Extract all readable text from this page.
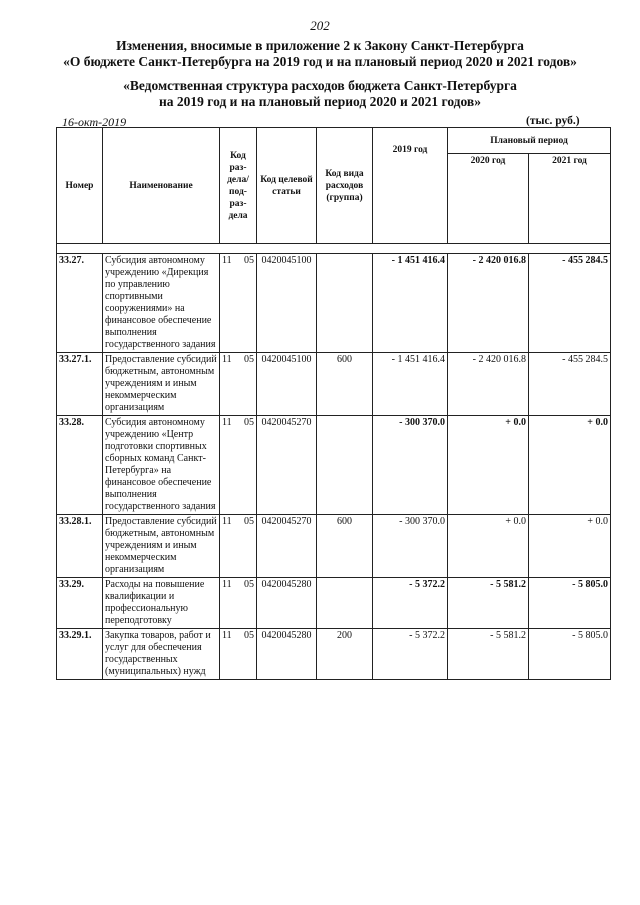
202
Изменения, вносимые в приложение 2 к Закону Санкт-Петербурга
«О бюджете Санкт-Петербурга на 2019 год и на плановый период 2020 и 2021 годов»
«Ведомственная структура расходов бюджета Санкт-Петербурга
на 2019 год и на плановый период 2020 и 2021 годов»
16-окт-2019	(тыс. руб.)
Номер	Наименование	Код раз-дела/ под-раз-дела		Код целевой статьи	Код вида расходов (группа)	2019 год	Плановый период	
							2020 год	2021 год

33.27.	Субсидия автономному учреждению «Дирекция по управлению спортивными сооружениями» на финансовое обеспечение выполнения государственного задания	11	05	0420045100		- 1 451 416.4	- 2 420 016.8	- 455 284.5
33.27.1.	Предоставление субсидий бюджетным, автономным учреждениям и иным некоммерческим организациям	11	05	0420045100	600	- 1 451 416.4	- 2 420 016.8	- 455 284.5
33.28.	Субсидия автономному учреждению «Центр подготовки спортивных сборных команд Санкт-Петербурга» на финансовое обеспечение выполнения государственного задания	11	05	0420045270		- 300 370.0	+ 0.0	+ 0.0
33.28.1.	Предоставление субсидий бюджетным, автономным учреждениям и иным некоммерческим организациям	11	05	0420045270	600	- 300 370.0	+ 0.0	+ 0.0
33.29.	Расходы на повышение квалификации и профессиональную переподготовку	11	05	0420045280		- 5 372.2	- 5 581.2	- 5 805.0
33.29.1.	Закупка товаров, работ и услуг для обеспечения государственных (муниципальных) нужд	11	05	0420045280	200	- 5 372.2	- 5 581.2	- 5 805.0
